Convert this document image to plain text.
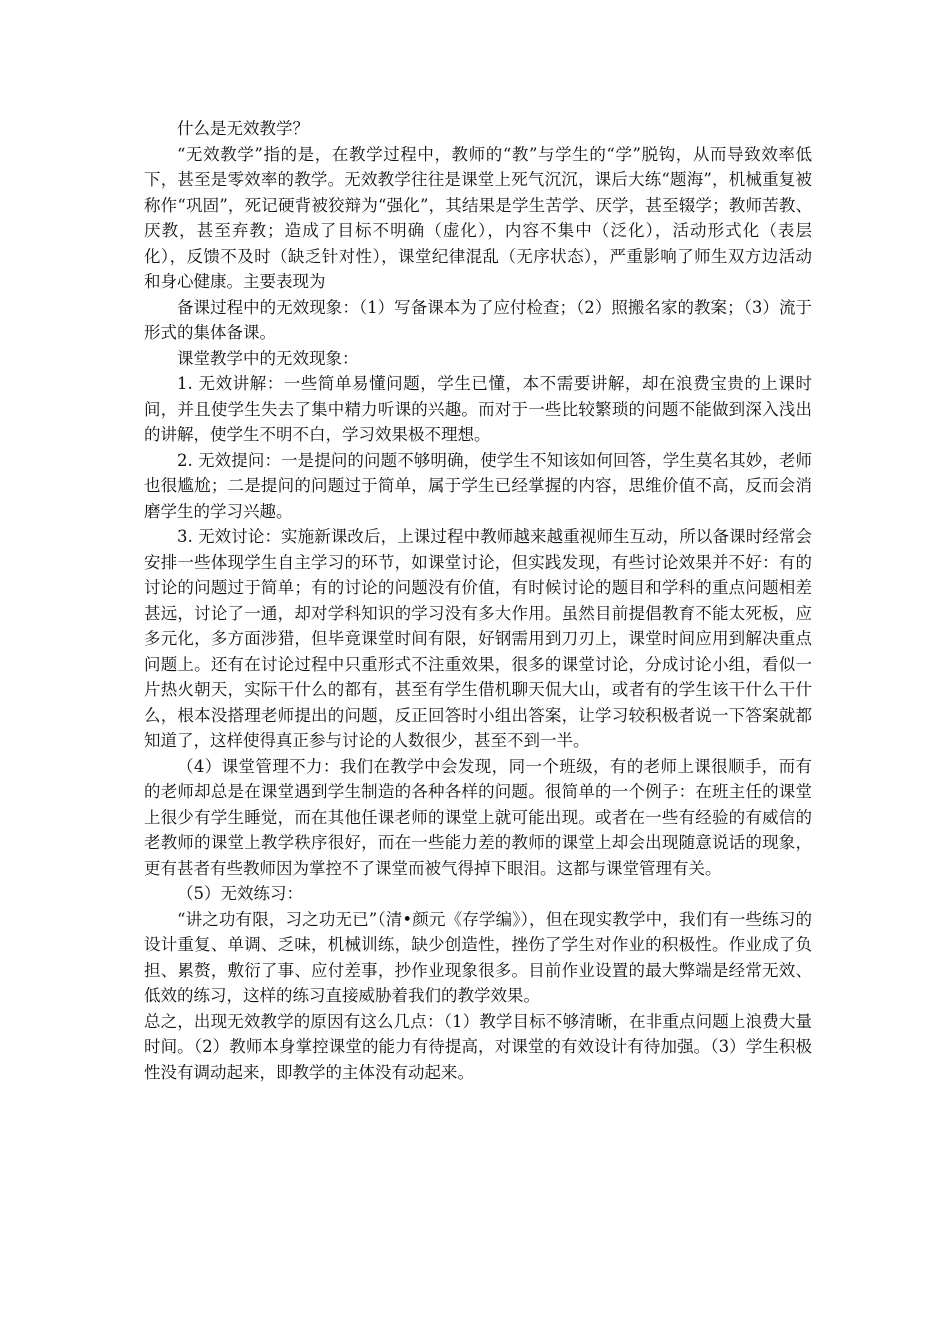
什么是无效教学？

“无效教学”指的是，在教学过程中，教师的“教”与学生的“学”脱钩，从而导致效率低下，甚至是零效率的教学。无效教学往往是课堂上死气沉沉，课后大练“题海”，机械重复被称作“巩固”，死记硬背被狡辩为“强化”，其结果是学生苦学、厌学，甚至辍学；教师苦教、厌教，甚至弃教；造成了目标不明确（虚化），内容不集中（泛化），活动形式化（表层化），反馈不及时（缺乏针对性），课堂纪律混乱（无序状态），严重影响了师生双方边活动和身心健康。主要表现为

备课过程中的无效现象：（1）写备课本为了应付检查；（2）照搬名家的教案；（3）流于形式的集体备课。

课堂教学中的无效现象：

1. 无效讲解：一些简单易懂问题，学生已懂，本不需要讲解，却在浪费宝贵的上课时间，并且使学生失去了集中精力听课的兴趣。而对于一些比较繁琐的问题不能做到深入浅出的讲解，使学生不明不白，学习效果极不理想。

2. 无效提问：一是提问的问题不够明确，使学生不知该如何回答，学生莫名其妙，老师也很尴尬；二是提问的问题过于简单，属于学生已经掌握的内容，思维价值不高，反而会消磨学生的学习兴趣。

3. 无效讨论：实施新课改后，上课过程中教师越来越重视师生互动，所以备课时经常会安排一些体现学生自主学习的环节，如课堂讨论，但实践发现，有些讨论效果并不好：有的讨论的问题过于简单；有的讨论的问题没有价值，有时候讨论的题目和学科的重点问题相差甚远，讨论了一通，却对学科知识的学习没有多大作用。虽然目前提倡教育不能太死板，应多元化，多方面涉猎，但毕竟课堂时间有限，好钢需用到刀刃上，课堂时间应用到解决重点问题上。还有在讨论过程中只重形式不注重效果，很多的课堂讨论，分成讨论小组，看似一片热火朝天，实际干什么的都有，甚至有学生借机聊天侃大山，或者有的学生该干什么干什么，根本没搭理老师提出的问题，反正回答时小组出答案，让学习较积极者说一下答案就都知道了，这样使得真正参与讨论的人数很少，甚至不到一半。

（4）课堂管理不力：我们在教学中会发现，同一个班级，有的老师上课很顺手，而有的老师却总是在课堂遇到学生制造的各种各样的问题。很简单的一个例子：在班主任的课堂上很少有学生睡觉，而在其他任课老师的课堂上就可能出现。或者在一些有经验的有威信的老教师的课堂上教学秩序很好，而在一些能力差的教师的课堂上却会出现随意说话的现象，更有甚者有些教师因为掌控不了课堂而被气得掉下眼泪。这都与课堂管理有关。

（5）无效练习：

“讲之功有限，习之功无已”（清•颜元《存学编》），但在现实教学中，我们有一些练习的设计重复、单调、乏味，机械训练，缺少创造性，挫伤了学生对作业的积极性。作业成了负担、累赘，敷衍了事、应付差事，抄作业现象很多。目前作业设置的最大弊端是经常无效、低效的练习，这样的练习直接威胁着我们的教学效果。

总之，出现无效教学的原因有这么几点：（1）教学目标不够清晰，在非重点问题上浪费大量时间。（2）教师本身掌控课堂的能力有待提高，对课堂的有效设计有待加强。（3）学生积极性没有调动起来，即教学的主体没有动起来。
